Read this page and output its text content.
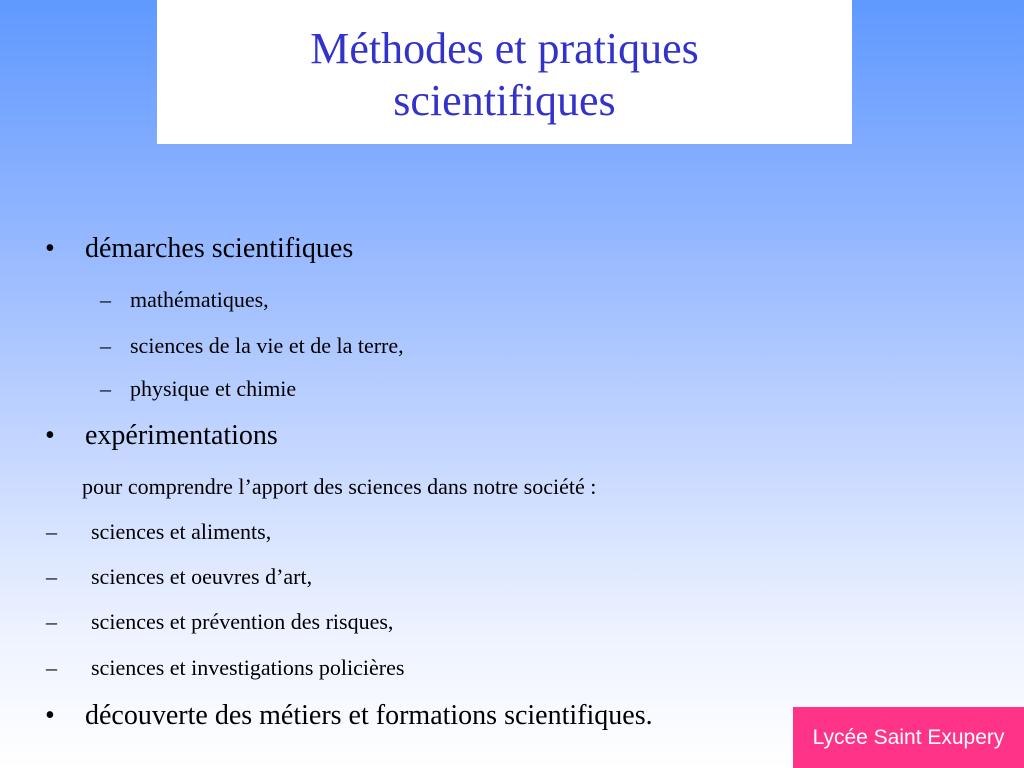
Méthodes et pratiques
scientifiques
• démarches scientifiques
– mathématiques,
– sciences de la vie et de la terre,
– physique et chimie
• expérimentations
pour comprendre l’apport des sciences dans notre société :
– sciences et aliments,
– sciences et oeuvres d’art,
– sciences et prévention des risques,
– sciences et investigations policières
• découverte des métiers et formations scientifiques.
Lycée Saint Exupery
